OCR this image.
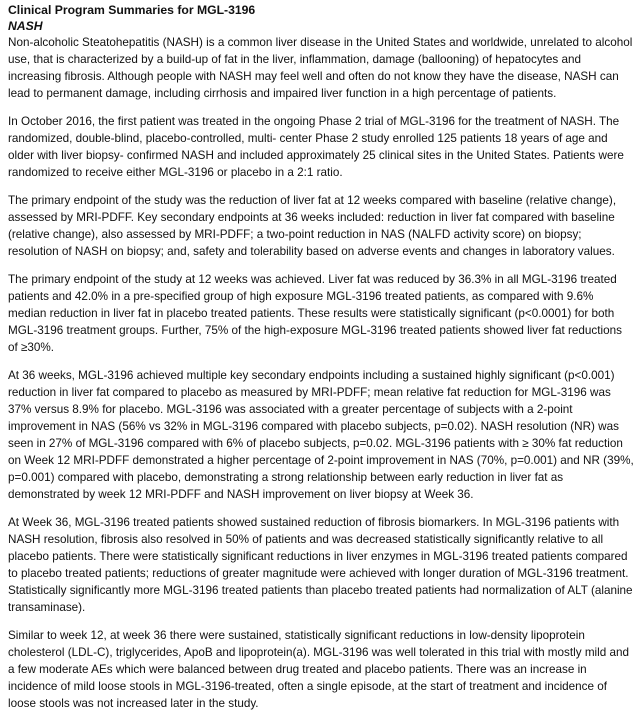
Clinical Program Summaries for MGL-3196
NASH

Non-alcoholic Steatohepatitis (NASH) is a common liver disease in the United States and worldwide, unrelated to alcohol use, that is characterized by a build-up of fat in the liver, inflammation, damage (ballooning) of hepatocytes and increasing fibrosis. Although people with NASH may feel well and often do not know they have the disease, NASH can lead to permanent damage, including cirrhosis and impaired liver function in a high percentage of patients.

In October 2016, the first patient was treated in the ongoing Phase 2 trial of MGL-3196 for the treatment of NASH. The randomized, double-blind, placebo-controlled, multi- center Phase 2 study enrolled 125 patients 18 years of age and older with liver biopsy- confirmed NASH and included approximately 25 clinical sites in the United States. Patients were randomized to receive either MGL-3196 or placebo in a 2:1 ratio.

The primary endpoint of the study was the reduction of liver fat at 12 weeks compared with baseline (relative change), assessed by MRI-PDFF. Key secondary endpoints at 36 weeks included: reduction in liver fat compared with baseline (relative change), also assessed by MRI-PDFF; a two-point reduction in NAS (NALFD activity score) on biopsy; resolution of NASH on biopsy; and, safety and tolerability based on adverse events and changes in laboratory values.

The primary endpoint of the study at 12 weeks was achieved. Liver fat was reduced by 36.3% in all MGL-3196 treated patients and 42.0% in a pre-specified group of high exposure MGL-3196 treated patients, as compared with 9.6% median reduction in liver fat in placebo treated patients. These results were statistically significant (p<0.0001) for both MGL-3196 treatment groups. Further, 75% of the high-exposure MGL-3196 treated patients showed liver fat reductions of ≥30%.

At 36 weeks, MGL-3196 achieved multiple key secondary endpoints including a sustained highly significant (p<0.001) reduction in liver fat compared to placebo as measured by MRI-PDFF; mean relative fat reduction for MGL-3196 was 37% versus 8.9% for placebo. MGL-3196 was associated with a greater percentage of subjects with a 2-point improvement in NAS (56% vs 32% in MGL-3196 compared with placebo subjects, p=0.02). NASH resolution (NR) was seen in 27% of MGL-3196 compared with 6% of placebo subjects, p=0.02. MGL-3196 patients with ≥ 30% fat reduction on Week 12 MRI-PDFF demonstrated a higher percentage of 2-point improvement in NAS (70%, p=0.001) and NR (39%, p=0.001) compared with placebo, demonstrating a strong relationship between early reduction in liver fat as demonstrated by week 12 MRI-PDFF and NASH improvement on liver biopsy at Week 36.

At Week 36, MGL-3196 treated patients showed sustained reduction of fibrosis biomarkers. In MGL-3196 patients with NASH resolution, fibrosis also resolved in 50% of patients and was decreased statistically significantly relative to all placebo patients. There were statistically significant reductions in liver enzymes in MGL-3196 treated patients compared to placebo treated patients; reductions of greater magnitude were achieved with longer duration of MGL-3196 treatment. Statistically significantly more MGL-3196 treated patients than placebo treated patients had normalization of ALT (alanine transaminase).

Similar to week 12, at week 36 there were sustained, statistically significant reductions in low-density lipoprotein cholesterol (LDL-C), triglycerides, ApoB and lipoprotein(a). MGL-3196 was well tolerated in this trial with mostly mild and a few moderate AEs which were balanced between drug treated and placebo patients. There was an increase in incidence of mild loose stools in MGL-3196-treated, often a single episode, at the start of treatment and incidence of loose stools was not increased later in the study.
